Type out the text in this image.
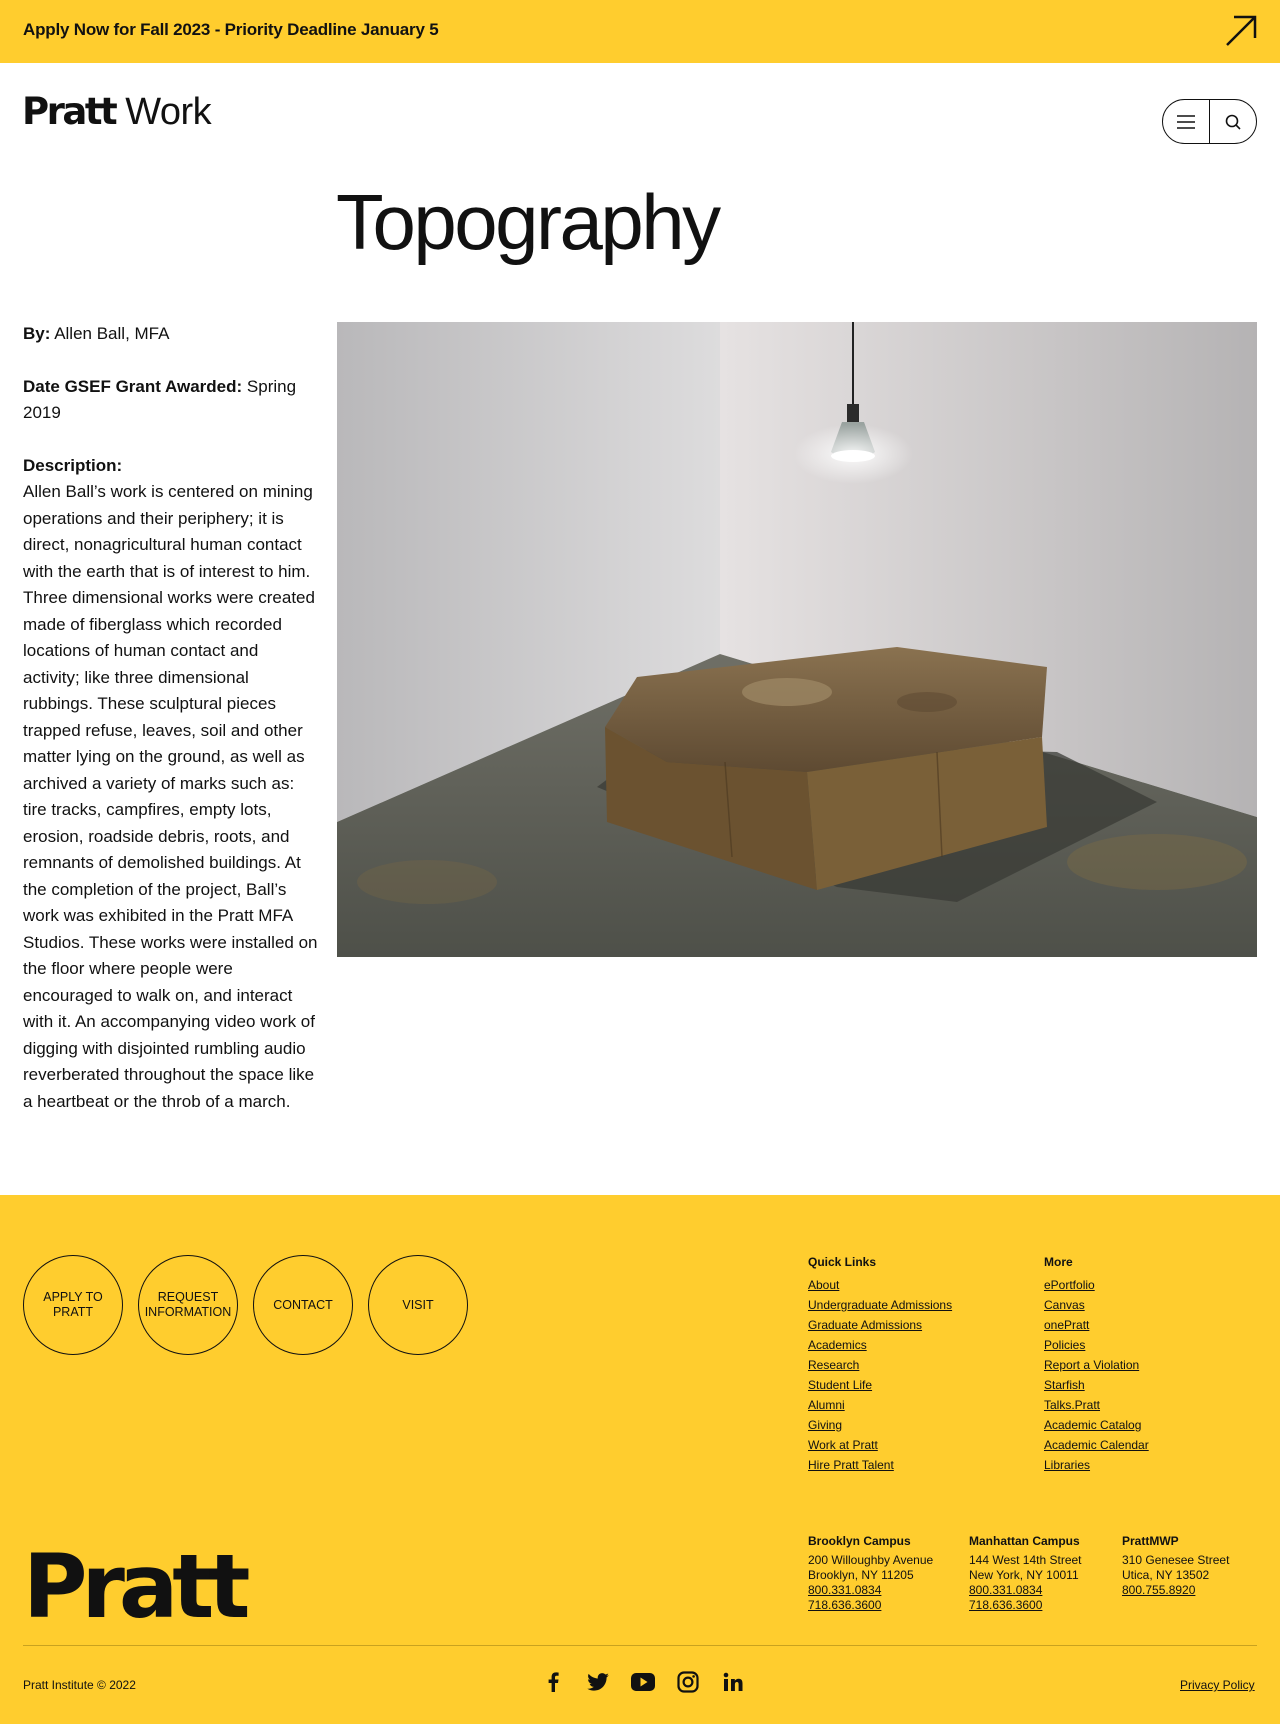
Apply Now for Fall 2023 - Priority Deadline January 5
Pratt Work
Topography

By: Allen Ball, MFA

Date GSEF Grant Awarded: Spring 2019

Description:
Allen Ball’s work is centered on mining operations and their periphery; it is direct, nonagricultural human contact with the earth that is of interest to him. Three dimensional works were created made of fiberglass which recorded locations of human contact and activity; like three dimensional rubbings. These sculptural pieces trapped refuse, leaves, soil and other matter lying on the ground, as well as archived a variety of marks such as: tire tracks, campfires, empty lots, erosion, roadside debris, roots, and remnants of demolished buildings. At the completion of the project, Ball’s work was exhibited in the Pratt MFA Studios. These works were installed on the floor where people were encouraged to walk on, and interact with it. An accompanying video work of digging with disjointed rumbling audio reverberated throughout the space like a heartbeat or the throb of a march.

APPLY TO PRATT
REQUEST INFORMATION
CONTACT	VISIT
Quick Links
About
Undergraduate Admissions
Graduate Admissions
Academics
Research
Student Life
Alumni
Giving
Work at Pratt
Hire Pratt Talent
More
ePortfolio
Canvas
onePratt
Policies
Report a Violation
Starfish
Talks.Pratt
Academic Catalog
Academic Calendar
Libraries
Pratt	Brooklyn Campus
200 Willoughby Avenue
Brooklyn, NY 11205
800.331.0834
718.636.3600
Manhattan Campus
144 West 14th Street
New York, NY 10011
800.331.0834
718.636.3600
PrattMWP
310 Genesee Street
Utica, NY 13502
800.755.8920
Pratt Institute © 2022	Privacy Policy
